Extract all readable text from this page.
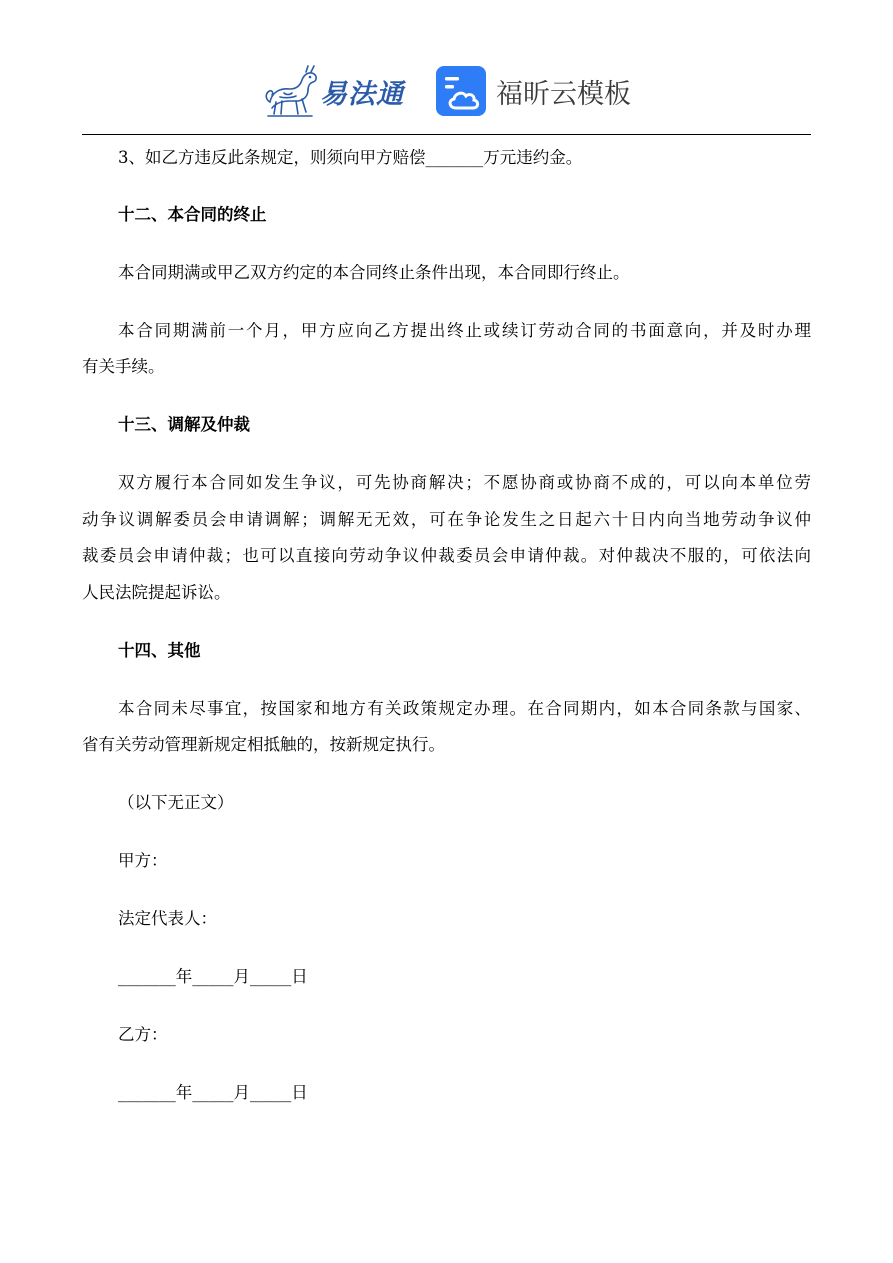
易法通	福昕云模板
3、如乙方违反此条规定，则须向甲方赔偿_______万元违约金。
十二、本合同的终止
本合同期满或甲乙双方约定的本合同终止条件出现，本合同即行终止。
本合同期满前一个月，甲方应向乙方提出终止或续订劳动合同的书面意向，并及时办理
有关手续。
十三、调解及仲裁
双方履行本合同如发生争议，可先协商解决；不愿协商或协商不成的，可以向本单位劳
动争议调解委员会申请调解；调解无无效，可在争论发生之日起六十日内向当地劳动争议仲
裁委员会申请仲裁；也可以直接向劳动争议仲裁委员会申请仲裁。对仲裁决不服的，可依法向
人民法院提起诉讼。
十四、其他
本合同未尽事宜，按国家和地方有关政策规定办理。在合同期内，如本合同条款与国家、
省有关劳动管理新规定相抵触的，按新规定执行。
（以下无正文）
甲方：
法定代表人：
_______年_____月_____日
乙方：
_______年_____月_____日
